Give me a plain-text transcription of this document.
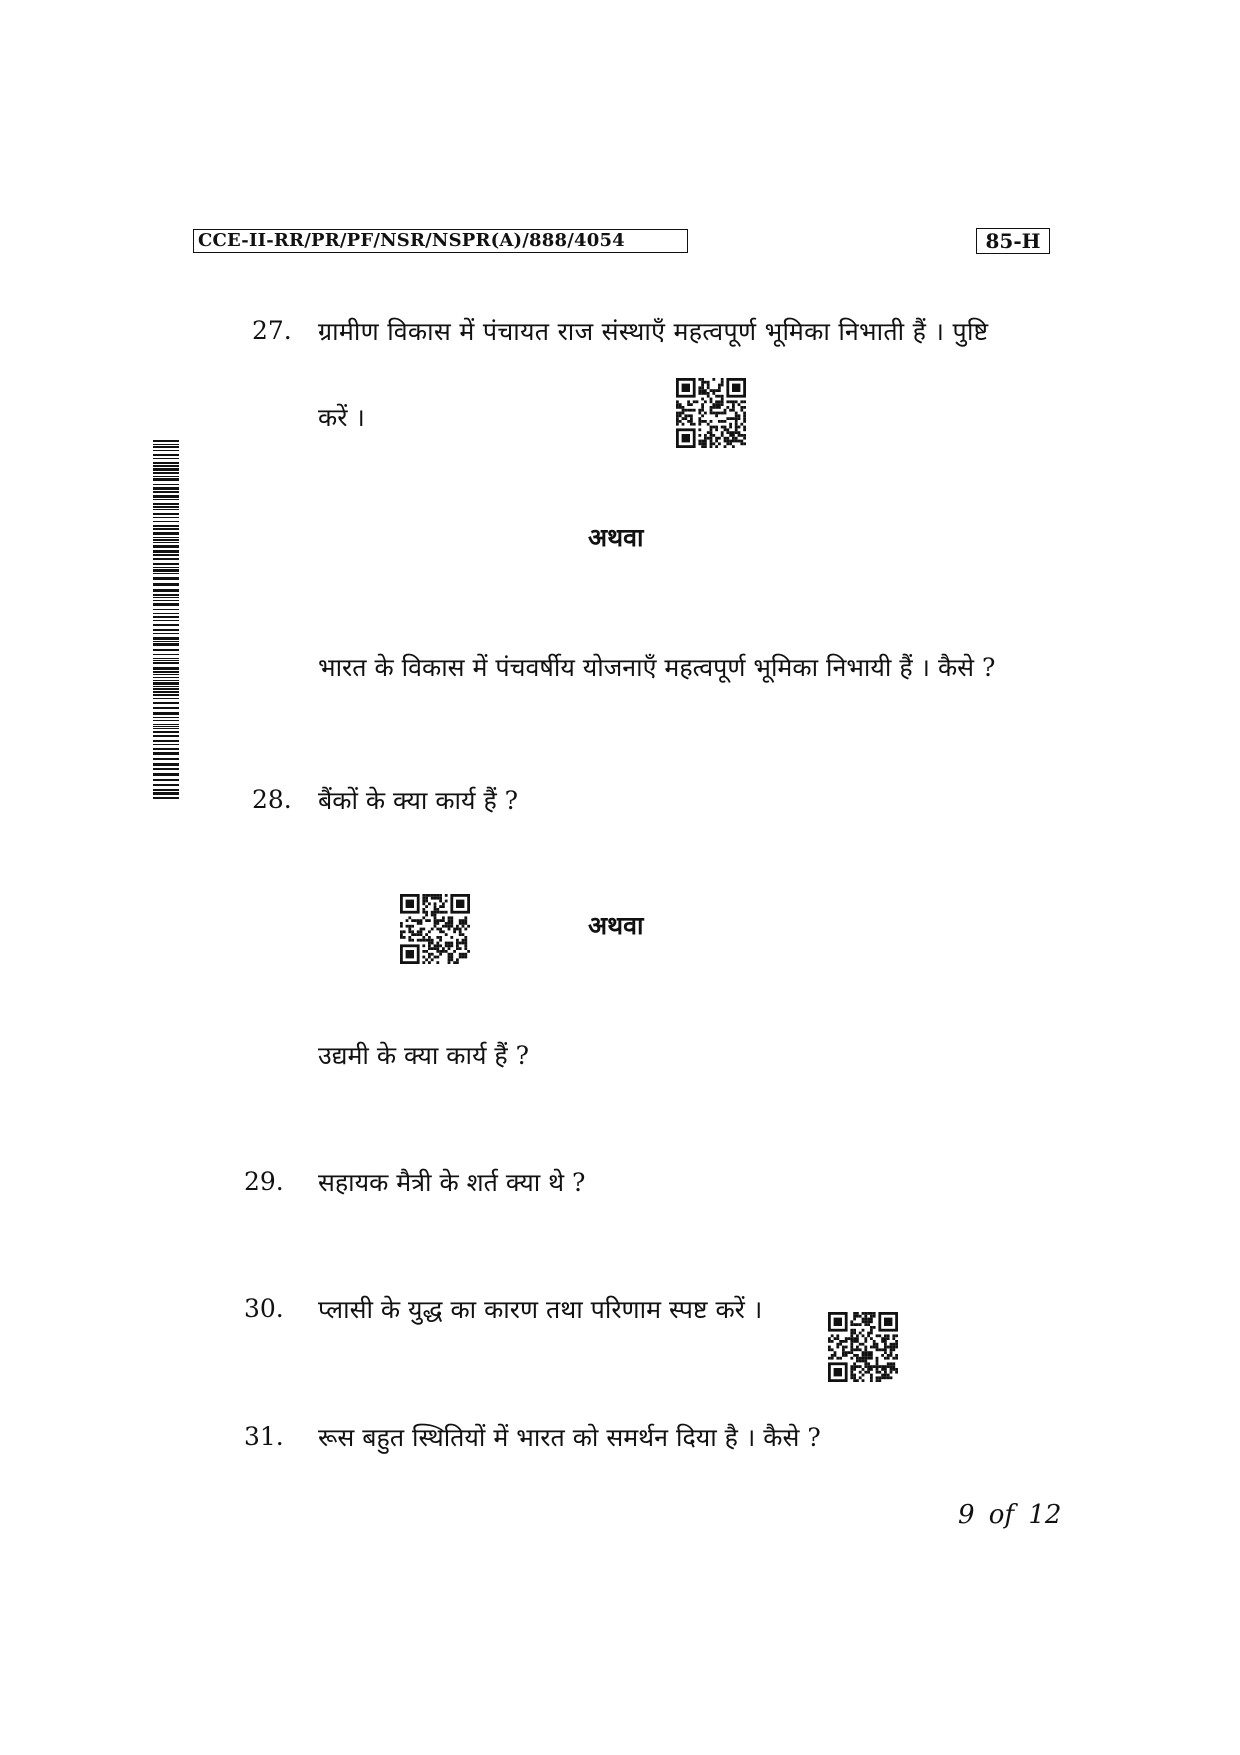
CCE-II-RR/PR/PF/NSR/NSPR(A)/888/4054	85-H
27.	ग्रामीण विकास में पंचायत राज संस्थाएँ महत्वपूर्ण भूमिका निभाती हैं । पुष्टि
करें ।
अथवा
भारत के विकास में पंचवर्षीय योजनाएँ महत्वपूर्ण भूमिका निभायी हैं । कैसे ?
28.	बैंकों के क्या कार्य हैं ?
अथवा
उद्यमी के क्या कार्य हैं ?
29.	सहायक मैत्री के शर्त क्या थे ?
30.	प्लासी के युद्ध का कारण तथा परिणाम स्पष्ट करें ।
31.	रूस बहुत स्थितियों में भारत को समर्थन दिया है । कैसे ?
9 of 12
